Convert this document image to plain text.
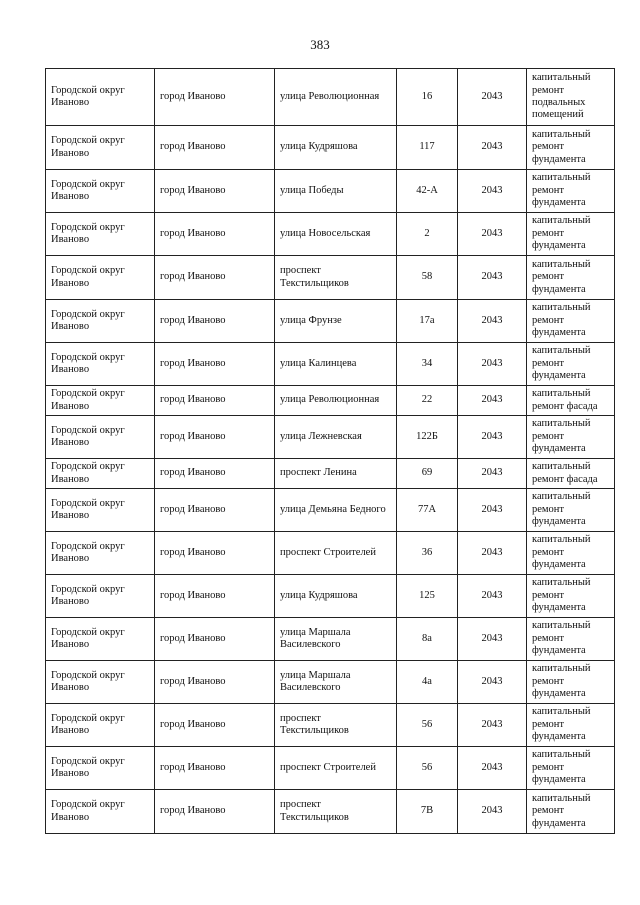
383
Городской округ Иваново	город Иваново	улица Революционная	16	2043	капитальный ремонт подвальных помещений
Городской округ Иваново	город Иваново	улица Кудряшова	117	2043	капитальный ремонт фундамента
Городской округ Иваново	город Иваново	улица Победы	42-А	2043	капитальный ремонт фундамента
Городской округ Иваново	город Иваново	улица Новосельская	2	2043	капитальный ремонт фундамента
Городской округ Иваново	город Иваново	проспект Текстильщиков	58	2043	капитальный ремонт фундамента
Городской округ Иваново	город Иваново	улица Фрунзе	17а	2043	капитальный ремонт фундамента
Городской округ Иваново	город Иваново	улица Калинцева	34	2043	капитальный ремонт фундамента
Городской округ Иваново	город Иваново	улица Революционная	22	2043	капитальный ремонт фасада
Городской округ Иваново	город Иваново	улица Лежневская	122Б	2043	капитальный ремонт фундамента
Городской округ Иваново	город Иваново	проспект Ленина	69	2043	капитальный ремонт фасада
Городской округ Иваново	город Иваново	улица Демьяна Бедного	77А	2043	капитальный ремонт фундамента
Городской округ Иваново	город Иваново	проспект Строителей	36	2043	капитальный ремонт фундамента
Городской округ Иваново	город Иваново	улица Кудряшова	125	2043	капитальный ремонт фундамента
Городской округ Иваново	город Иваново	улица Маршала Василевского	8а	2043	капитальный ремонт фундамента
Городской округ Иваново	город Иваново	улица Маршала Василевского	4а	2043	капитальный ремонт фундамента
Городской округ Иваново	город Иваново	проспект Текстильщиков	56	2043	капитальный ремонт фундамента
Городской округ Иваново	город Иваново	проспект Строителей	56	2043	капитальный ремонт фундамента
Городской округ Иваново	город Иваново	проспект Текстильщиков	7В	2043	капитальный ремонт фундамента
